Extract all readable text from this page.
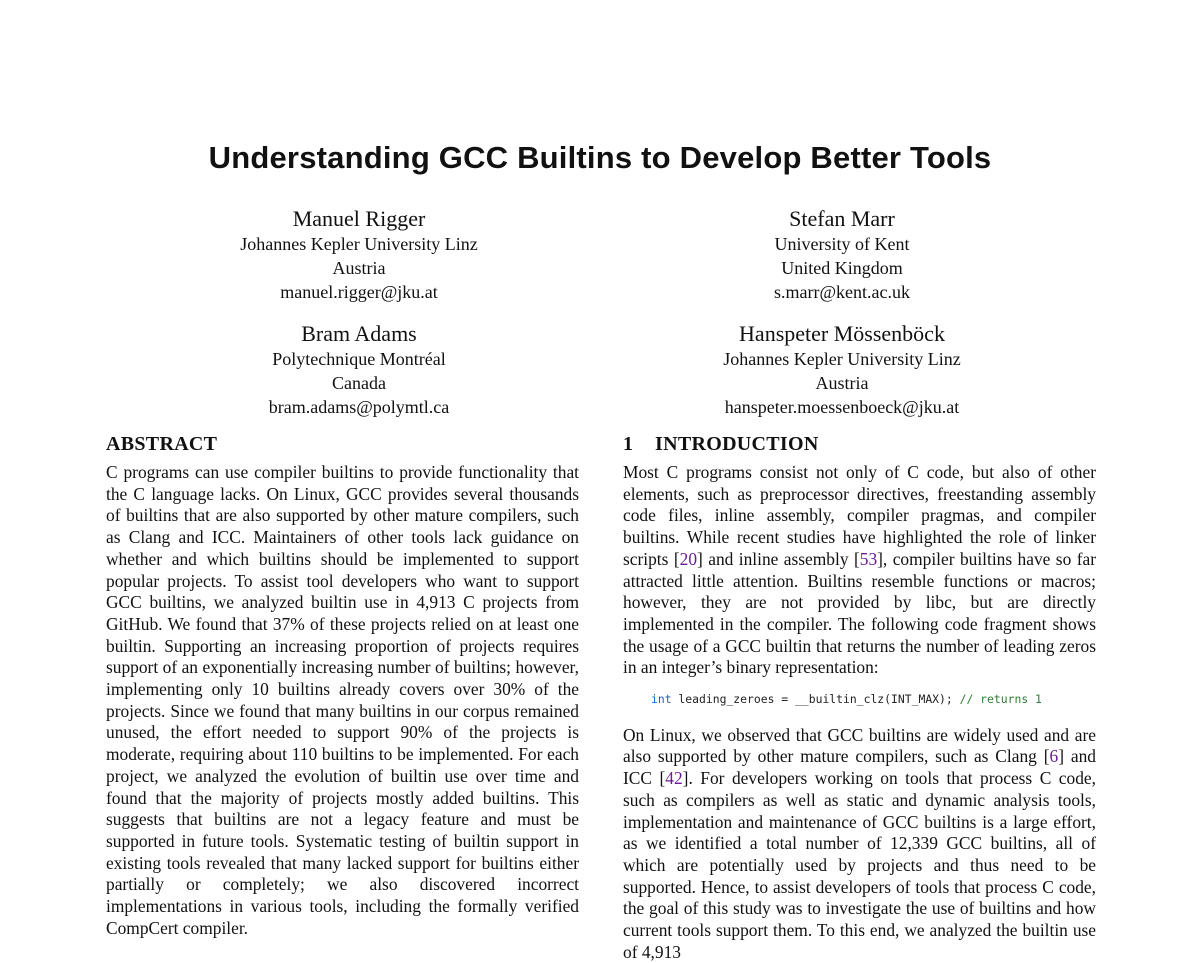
Understanding GCC Builtins to Develop Better Tools
Manuel Rigger
Johannes Kepler University Linz
Austria
manuel.rigger@jku.at
Stefan Marr
University of Kent
United Kingdom
s.marr@kent.ac.uk
Bram Adams
Polytechnique Montréal
Canada
bram.adams@polymtl.ca
Hanspeter Mössenböck
Johannes Kepler University Linz
Austria
hanspeter.moessenboeck@jku.at
ABSTRACT

C programs can use compiler builtins to provide functionality that the C language lacks. On Linux, GCC provides several thousands of builtins that are also supported by other mature compilers, such as Clang and ICC. Maintainers of other tools lack guidance on whether and which builtins should be implemented to support popular projects. To assist tool developers who want to support GCC builtins, we analyzed builtin use in 4,913 C projects from GitHub. We found that 37% of these projects relied on at least one builtin. Supporting an increasing proportion of projects requires support of an exponentially increasing number of builtins; however, implementing only 10 builtins already covers over 30% of the projects. Since we found that many builtins in our corpus remained unused, the effort needed to support 90% of the projects is moderate, requiring about 110 builtins to be implemented. For each project, we analyzed the evolution of builtin use over time and found that the majority of projects mostly added builtins. This suggests that builtins are not a legacy feature and must be supported in future tools. Systematic testing of builtin support in existing tools revealed that many lacked support for builtins either partially or completely; we also discovered incorrect implementations in various tools, including the formally verified CompCert compiler.

1 INTRODUCTION

Most C programs consist not only of C code, but also of other elements, such as preprocessor directives, freestanding assembly code files, inline assembly, compiler pragmas, and compiler builtins. While recent studies have highlighted the role of linker scripts [20] and inline assembly [53], compiler builtins have so far attracted little attention. Builtins resemble functions or macros; however, they are not provided by libc, but are directly implemented in the compiler. The following code fragment shows the usage of a GCC builtin that returns the number of leading zeros in an integer’s binary representation:

int leading_zeroes = __builtin_clz(INT_MAX); // returns 1

On Linux, we observed that GCC builtins are widely used and are also supported by other mature compilers, such as Clang [6] and ICC [42]. For developers working on tools that process C code, such as compilers as well as static and dynamic analysis tools, implementation and maintenance of GCC builtins is a large effort, as we identified a total number of 12,339 GCC builtins, all of which are potentially used by projects and thus need to be supported. Hence, to assist developers of tools that process C code, the goal of this study was to investigate the use of builtins and how current tools support them. To this end, we analyzed the builtin use of 4,913
